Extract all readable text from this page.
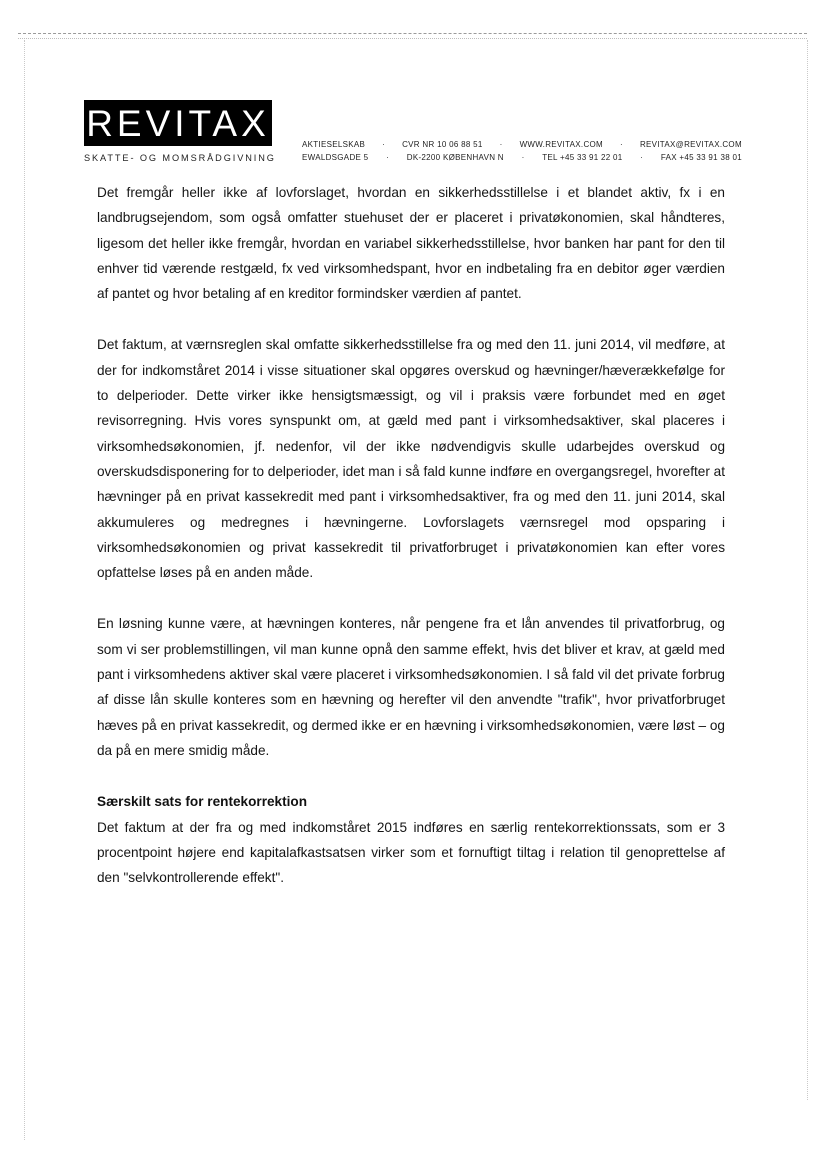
REVITAX
SKATTE- OG MOMSRÅDGIVNING
AKTIESELSKAB · CVR NR 10 06 88 51 · WWW.REVITAX.COM · REVITAX@REVITAX.COM
EWALDSGADE 5 · DK-2200 KØBENHAVN N · TEL +45 33 91 22 01 · FAX +45 33 91 38 01

Det fremgår heller ikke af lovforslaget, hvordan en sikkerhedsstillelse i et blandet aktiv, fx i en landbrugsejendom, som også omfatter stuehuset der er placeret i privatøkonomien, skal håndteres, ligesom det heller ikke fremgår, hvordan en variabel sikkerhedsstillelse, hvor banken har pant for den til enhver tid værende restgæld, fx ved virksomhedspant, hvor en indbetaling fra en debitor øger værdien af pantet og hvor betaling af en kreditor formindsker værdien af pantet.

Det faktum, at værnsreglen skal omfatte sikkerhedsstillelse fra og med den 11. juni 2014, vil medføre, at der for indkomståret 2014 i visse situationer skal opgøres overskud og hævninger/hæverækkefølge for to delperioder. Dette virker ikke hensigtsmæssigt, og vil i praksis være forbundet med en øget revisorregning. Hvis vores synspunkt om, at gæld med pant i virksomhedsaktiver, skal placeres i virksomhedsøkonomien, jf. nedenfor, vil der ikke nødvendigvis skulle udarbejdes overskud og overskudsdisponering for to delperioder, idet man i så fald kunne indføre en overgangsregel, hvorefter at hævninger på en privat kassekredit med pant i virksomhedsaktiver, fra og med den 11. juni 2014, skal akkumuleres og medregnes i hævningerne. Lovforslagets værnsregel mod opsparing i virksomhedsøkonomien og privat kassekredit til privatforbruget i privatøkonomien kan efter vores opfattelse løses på en anden måde.

En løsning kunne være, at hævningen konteres, når pengene fra et lån anvendes til privatforbrug, og som vi ser problemstillingen, vil man kunne opnå den samme effekt, hvis det bliver et krav, at gæld med pant i virksomhedens aktiver skal være placeret i virksomhedsøkonomien. I så fald vil det private forbrug af disse lån skulle konteres som en hævning og herefter vil den anvendte "trafik", hvor privatforbruget hæves på en privat kassekredit, og dermed ikke er en hævning i virksomhedsøkonomien, være løst – og da på en mere smidig måde.

Særskilt sats for rentekorrektion

Det faktum at der fra og med indkomståret 2015 indføres en særlig rentekorrektionssats, som er 3 procentpoint højere end kapitalafkastsatsen virker som et fornuftigt tiltag i relation til genoprettelse af den "selvkontrollerende effekt".
